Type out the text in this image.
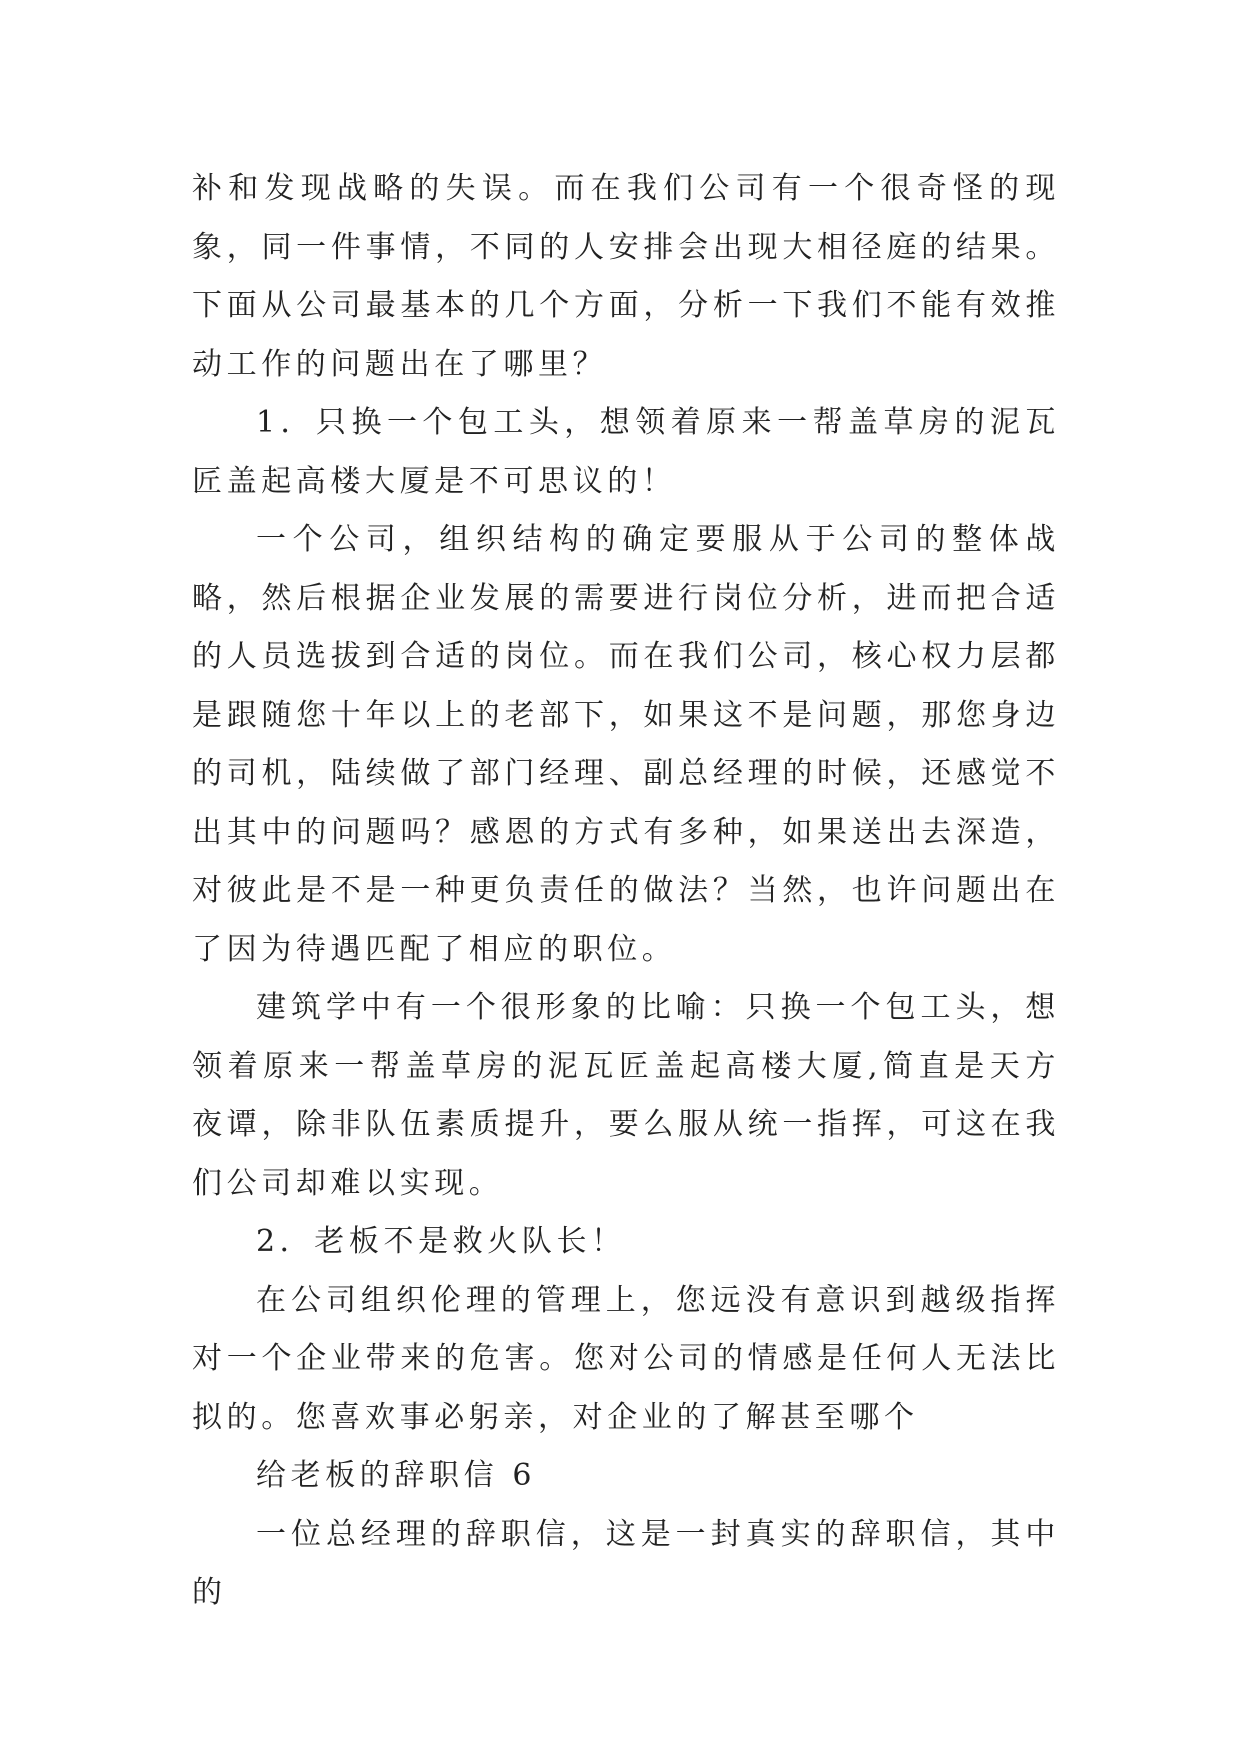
补和发现战略的失误。而在我们公司有一个很奇怪的现象，同一件事情，不同的人安排会出现大相径庭的结果。下面从公司最基本的几个方面，分析一下我们不能有效推动工作的问题出在了哪里？

1．只换一个包工头，想领着原来一帮盖草房的泥瓦匠盖起高楼大厦是不可思议的！

一个公司，组织结构的确定要服从于公司的整体战略，然后根据企业发展的需要进行岗位分析，进而把合适的人员选拔到合适的岗位。而在我们公司，核心权力层都是跟随您十年以上的老部下，如果这不是问题，那您身边的司机，陆续做了部门经理、副总经理的时候，还感觉不出其中的问题吗？感恩的方式有多种，如果送出去深造，对彼此是不是一种更负责任的做法？当然，也许问题出在了因为待遇匹配了相应的职位。

建筑学中有一个很形象的比喻：只换一个包工头，想领着原来一帮盖草房的泥瓦匠盖起高楼大厦,简直是天方夜谭，除非队伍素质提升，要么服从统一指挥，可这在我们公司却难以实现。

2．老板不是救火队长！

在公司组织伦理的管理上，您远没有意识到越级指挥对一个企业带来的危害。您对公司的情感是任何人无法比拟的。您喜欢事必躬亲，对企业的了解甚至哪个

给老板的辞职信 6

一位总经理的辞职信，这是一封真实的辞职信，其中的
